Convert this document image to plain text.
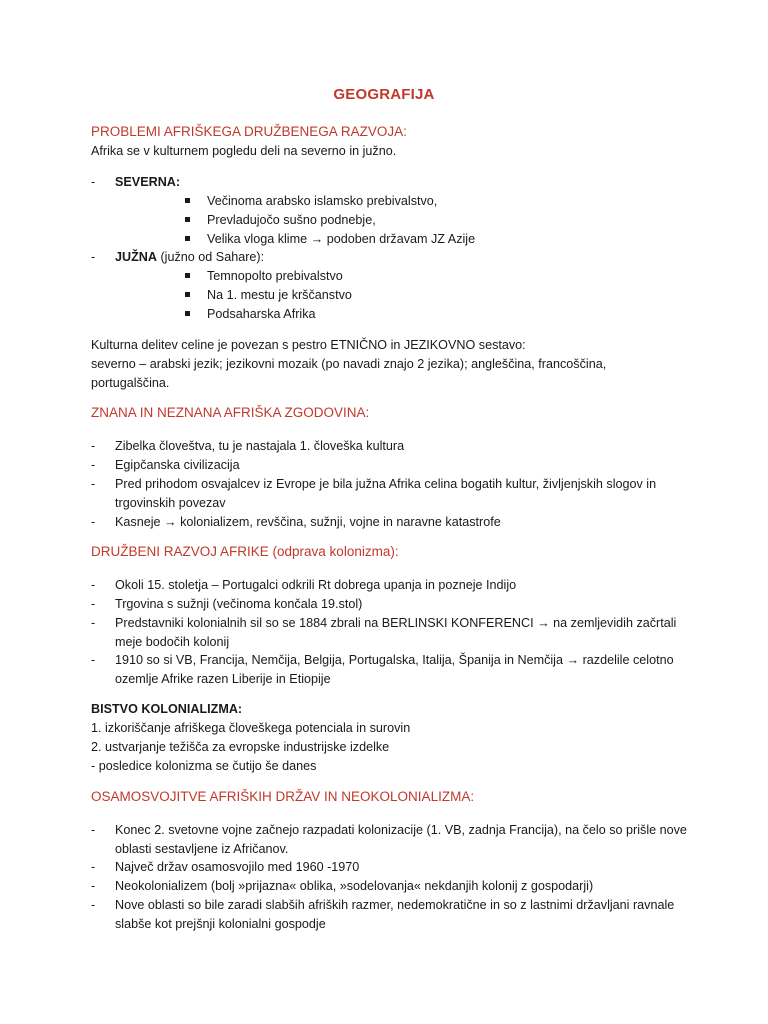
GEOGRAFIJA
PROBLEMI AFRIŠKEGA DRUŽBENEGA RAZVOJA:
Afrika se v kulturnem pogledu deli na severno in južno.
-	SEVERNA:
Večinoma arabsko islamsko prebivalstvo,
Prevladujočo sušno podnebje,
Velika vloga klime → podoben državam JZ Azije
-	JUŽNA (južno od Sahare):
Temnopolto prebivalstvo
Na 1. mestu je krščanstvo
Podsaharska Afrika
Kulturna delitev celine je povezan s pestro ETNIČNO in JEZIKOVNO sestavo:
severno – arabski jezik; jezikovni mozaik (po navadi znajo 2 jezika); angleščina, francoščina,
portugalščina.
ZNANA IN NEZNANA AFRIŠKA ZGODOVINA:
-	Zibelka človeštva, tu je nastajala 1. človeška kultura
-	Egipčanska civilizacija
-	Pred prihodom osvajalcev iz Evrope je bila južna Afrika celina bogatih kultur, življenjskih slogov in trgovinskih povezav
-	Kasneje → kolonializem, revščina, sužnji, vojne in naravne katastrofe
DRUŽBENI RAZVOJ AFRIKE (odprava kolonizma):
-	Okoli 15. stoletja – Portugalci odkrili Rt dobrega upanja in pozneje Indijo
-	Trgovina s sužnji (večinoma končala 19.stol)
-	Predstavniki kolonialnih sil so se 1884 zbrali na BERLINSKI KONFERENCI → na zemljevidih začrtali meje bodočih kolonij
-	1910 so si VB, Francija, Nemčija, Belgija, Portugalska, Italija, Španija in Nemčija → razdelile celotno ozemlje Afrike razen Liberije in Etiopije
BISTVO KOLONIALIZMA:
1. izkoriščanje afriškega človeškega potenciala in surovin
2. ustvarjanje težišča za evropske industrijske izdelke
- posledice kolonizma se čutijo še danes
OSAMOSVOJITVE AFRIŠKIH DRŽAV IN NEOKOLONIALIZMA:
-	Konec 2. svetovne vojne začnejo razpadati kolonizacije (1. VB, zadnja Francija), na čelo so prišle nove oblasti sestavljene iz Afričanov.
-	Največ držav osamosvojilo med 1960 -1970
-	Neokolonializem (bolj »prijazna« oblika, »sodelovanja« nekdanjih kolonij z gospodarji)
-	Nove oblasti so bile zaradi slabših afriških razmer, nedemokratične in so z lastnimi državljani ravnale slabše kot prejšnji kolonialni gospodje
